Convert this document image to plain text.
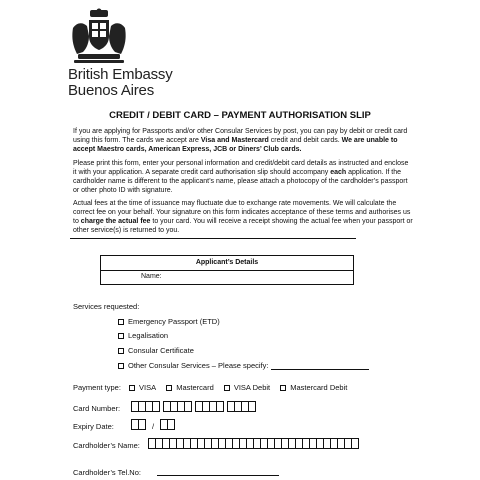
British Embassy
Buenos Aires
CREDIT / DEBIT CARD – PAYMENT AUTHORISATION SLIP
If you are applying for Passports and/or other Consular Services by post, you can pay by debit or credit card using this form. The cards we accept are Visa and Mastercard credit and debit cards. We are unable to accept Maestro cards, American Express, JCB or Diners’ Club cards.
Please print this form, enter your personal information and credit/debit card details as instructed and enclose it with your application. A separate credit card authorisation slip should accompany each application. If the cardholder name is different to the applicant’s name, please attach a photocopy of the cardholder’s passport or other photo ID with signature.
Actual fees at the time of issuance may fluctuate due to exchange rate movements. We will calculate the correct fee on your behalf. Your signature on this form indicates acceptance of these terms and authorises us to charge the actual fee to your card. You will receive a receipt showing the actual fee when your passport or other service(s) is returned to you.
Applicant’s Details
Name:
Services requested:
Emergency Passport (ETD)
Legalisation
Consular Certificate
Other Consular Services – Please specify:
Payment type: VISA	Mastercard	VISA Debit	Mastercard Debit
Card Number:
Expiry Date:	/
Cardholder’s Name:
Cardholder’s Tel.No:
